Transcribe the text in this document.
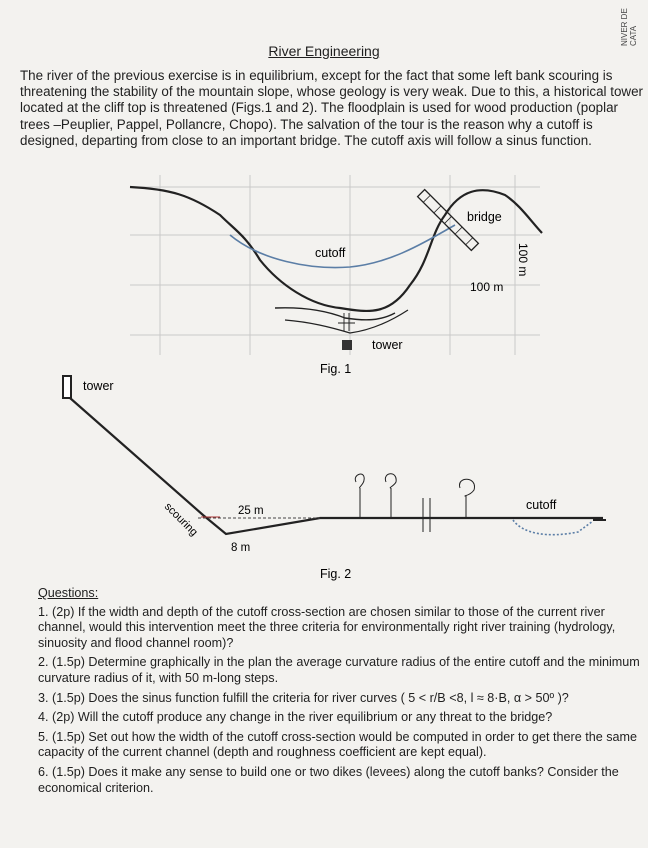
NIVER DE CATA
River Engineering

The river of the previous exercise is in equilibrium, except for the fact that some left bank scouring is threatening the stability of the mountain slope, whose geology is very weak. Due to this, a historical tower located at the cliff top is threatened (Figs.1 and 2). The floodplain is used for wood production (poplar trees –Peuplier, Pappel, Pollancre, Chopo). The salvation of the tour is the reason why a cutoff is designed, departing from close to an important bridge. The cutoff axis will follow a sinus function.

bridge
cutoff
100 m
100 m
tower
Fig. 1
tower
scouring	25 m
8 m
cutoff
Fig. 2
Questions:
1. (2p) If the width and depth of the cutoff cross-section are chosen similar to those of the current river channel, would this intervention meet the three criteria for environmentally right river training (hydrology, sinuosity and flood channel room)?
2. (1.5p) Determine graphically in the plan the average curvature radius of the entire cutoff and the minimum curvature radius of it, with 50 m-long steps.
3. (1.5p) Does the sinus function fulfill the criteria for river curves ( 5 < r/B <8, l ≈ 8·B, α > 50º )?
4. (2p) Will the cutoff produce any change in the river equilibrium or any threat to the bridge?
5. (1.5p) Set out how the width of the cutoff cross-section would be computed in order to get there the same capacity of the current channel (depth and roughness coefficient are kept equal).
6. (1.5p) Does it make any sense to build one or two dikes (levees) along the cutoff banks? Consider the economical criterion.
